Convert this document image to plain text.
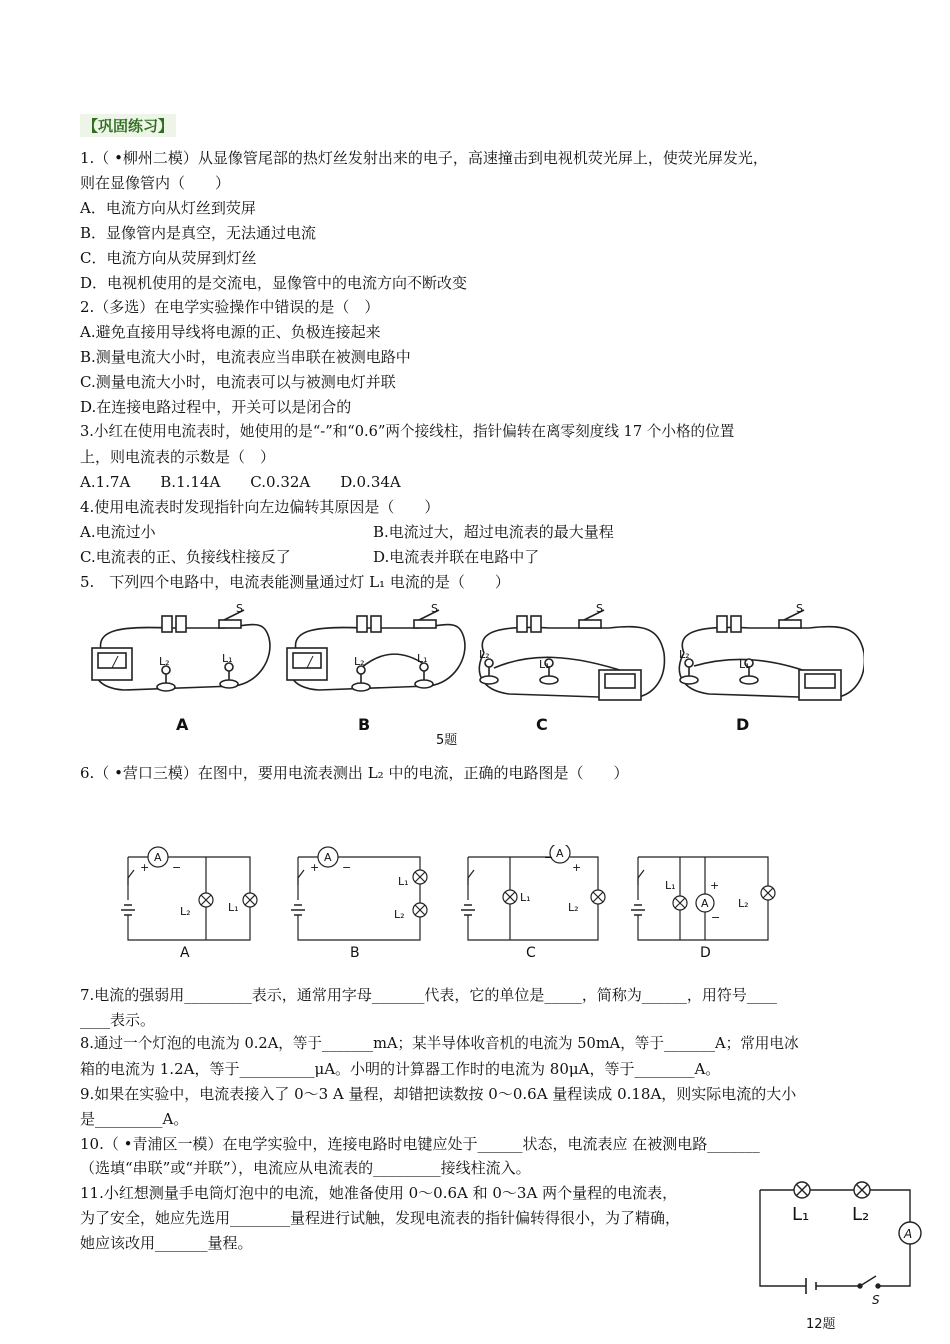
【巩固练习】
1.（ •柳州二模）从显像管尾部的热灯丝发射出来的电子，高速撞击到电视机荧光屏上，使荧光屏发光，
则在显像管内（　　）
A．电流方向从灯丝到荧屏
B．显像管内是真空，无法通过电流
C．电流方向从荧屏到灯丝
D．电视机使用的是交流电，显像管中的电流方向不断改变
2.（多选）在电学实验操作中错误的是（　）
A.避免直接用导线将电源的正、负极连接起来
B.测量电流大小时，电流表应当串联在被测电路中
C.测量电流大小时，电流表可以与被测电灯并联
D.在连接电路过程中，开关可以是闭合的
3.小红在使用电流表时，她使用的是“-”和“0.6”两个接线柱，指针偏转在离零刻度线 17 个小格的位置
上，则电流表的示数是（　）
A.1.7A　　B.1.14A　　C.0.32A　　D.0.34A
4.使用电流表时发现指针向左边偏转其原因是（　　）
A.电流过小	B.电流过大，超过电流表的最大量程
C.电流表的正、负接线柱接反了	D.电流表并联在电路中了
5.　下列四个电路中，电流表能测量通过灯 L₁ 电流的是（　　）
S
L₂	L₁
S
L₂	L₁
S
L₂
L₁
S
L₂
L₁
A	B	C	D
5题
6.（ •营口三模）在图中，要用电流表测出 L₂ 中的电流，正确的电路图是（　　）
A
+ −
L₂	L₁
A
+ −
L₁
L₂
A
−
+
L₁
L₂	A
L₁	+
−
L₂
A	B	C	D
7.电流的强弱用_________表示，通常用字母_______代表，它的单位是_____，简称为______，用符号____
____表示。
8.通过一个灯泡的电流为 0.2A，等于_______mA；某半导体收音机的电流为 50mA，等于_______A；常用电冰
箱的电流为 1.2A，等于__________μA。小明的计算器工作时的电流为 80μA，等于________A。
9.如果在实验中，电流表接入了 0～3 A 量程，却错把读数按 0～0.6A 量程读成 0.18A，则实际电流的大小
是_________A。
10.（ •青浦区一模）在电学实验中，连接电路时电键应处于______状态，电流表应 在被测电路_______
（选填“串联”或“并联”），电流应从电流表的_________接线柱流入。
11.小红想测量手电筒灯泡中的电流，她准备使用 0～0.6A 和 0～3A 两个量程的电流表，
为了安全，她应先选用________量程进行试触，发现电流表的指针偏转得很小，为了精确，
她应该改用_______量程。
L₁ L₂
A
S
12题
